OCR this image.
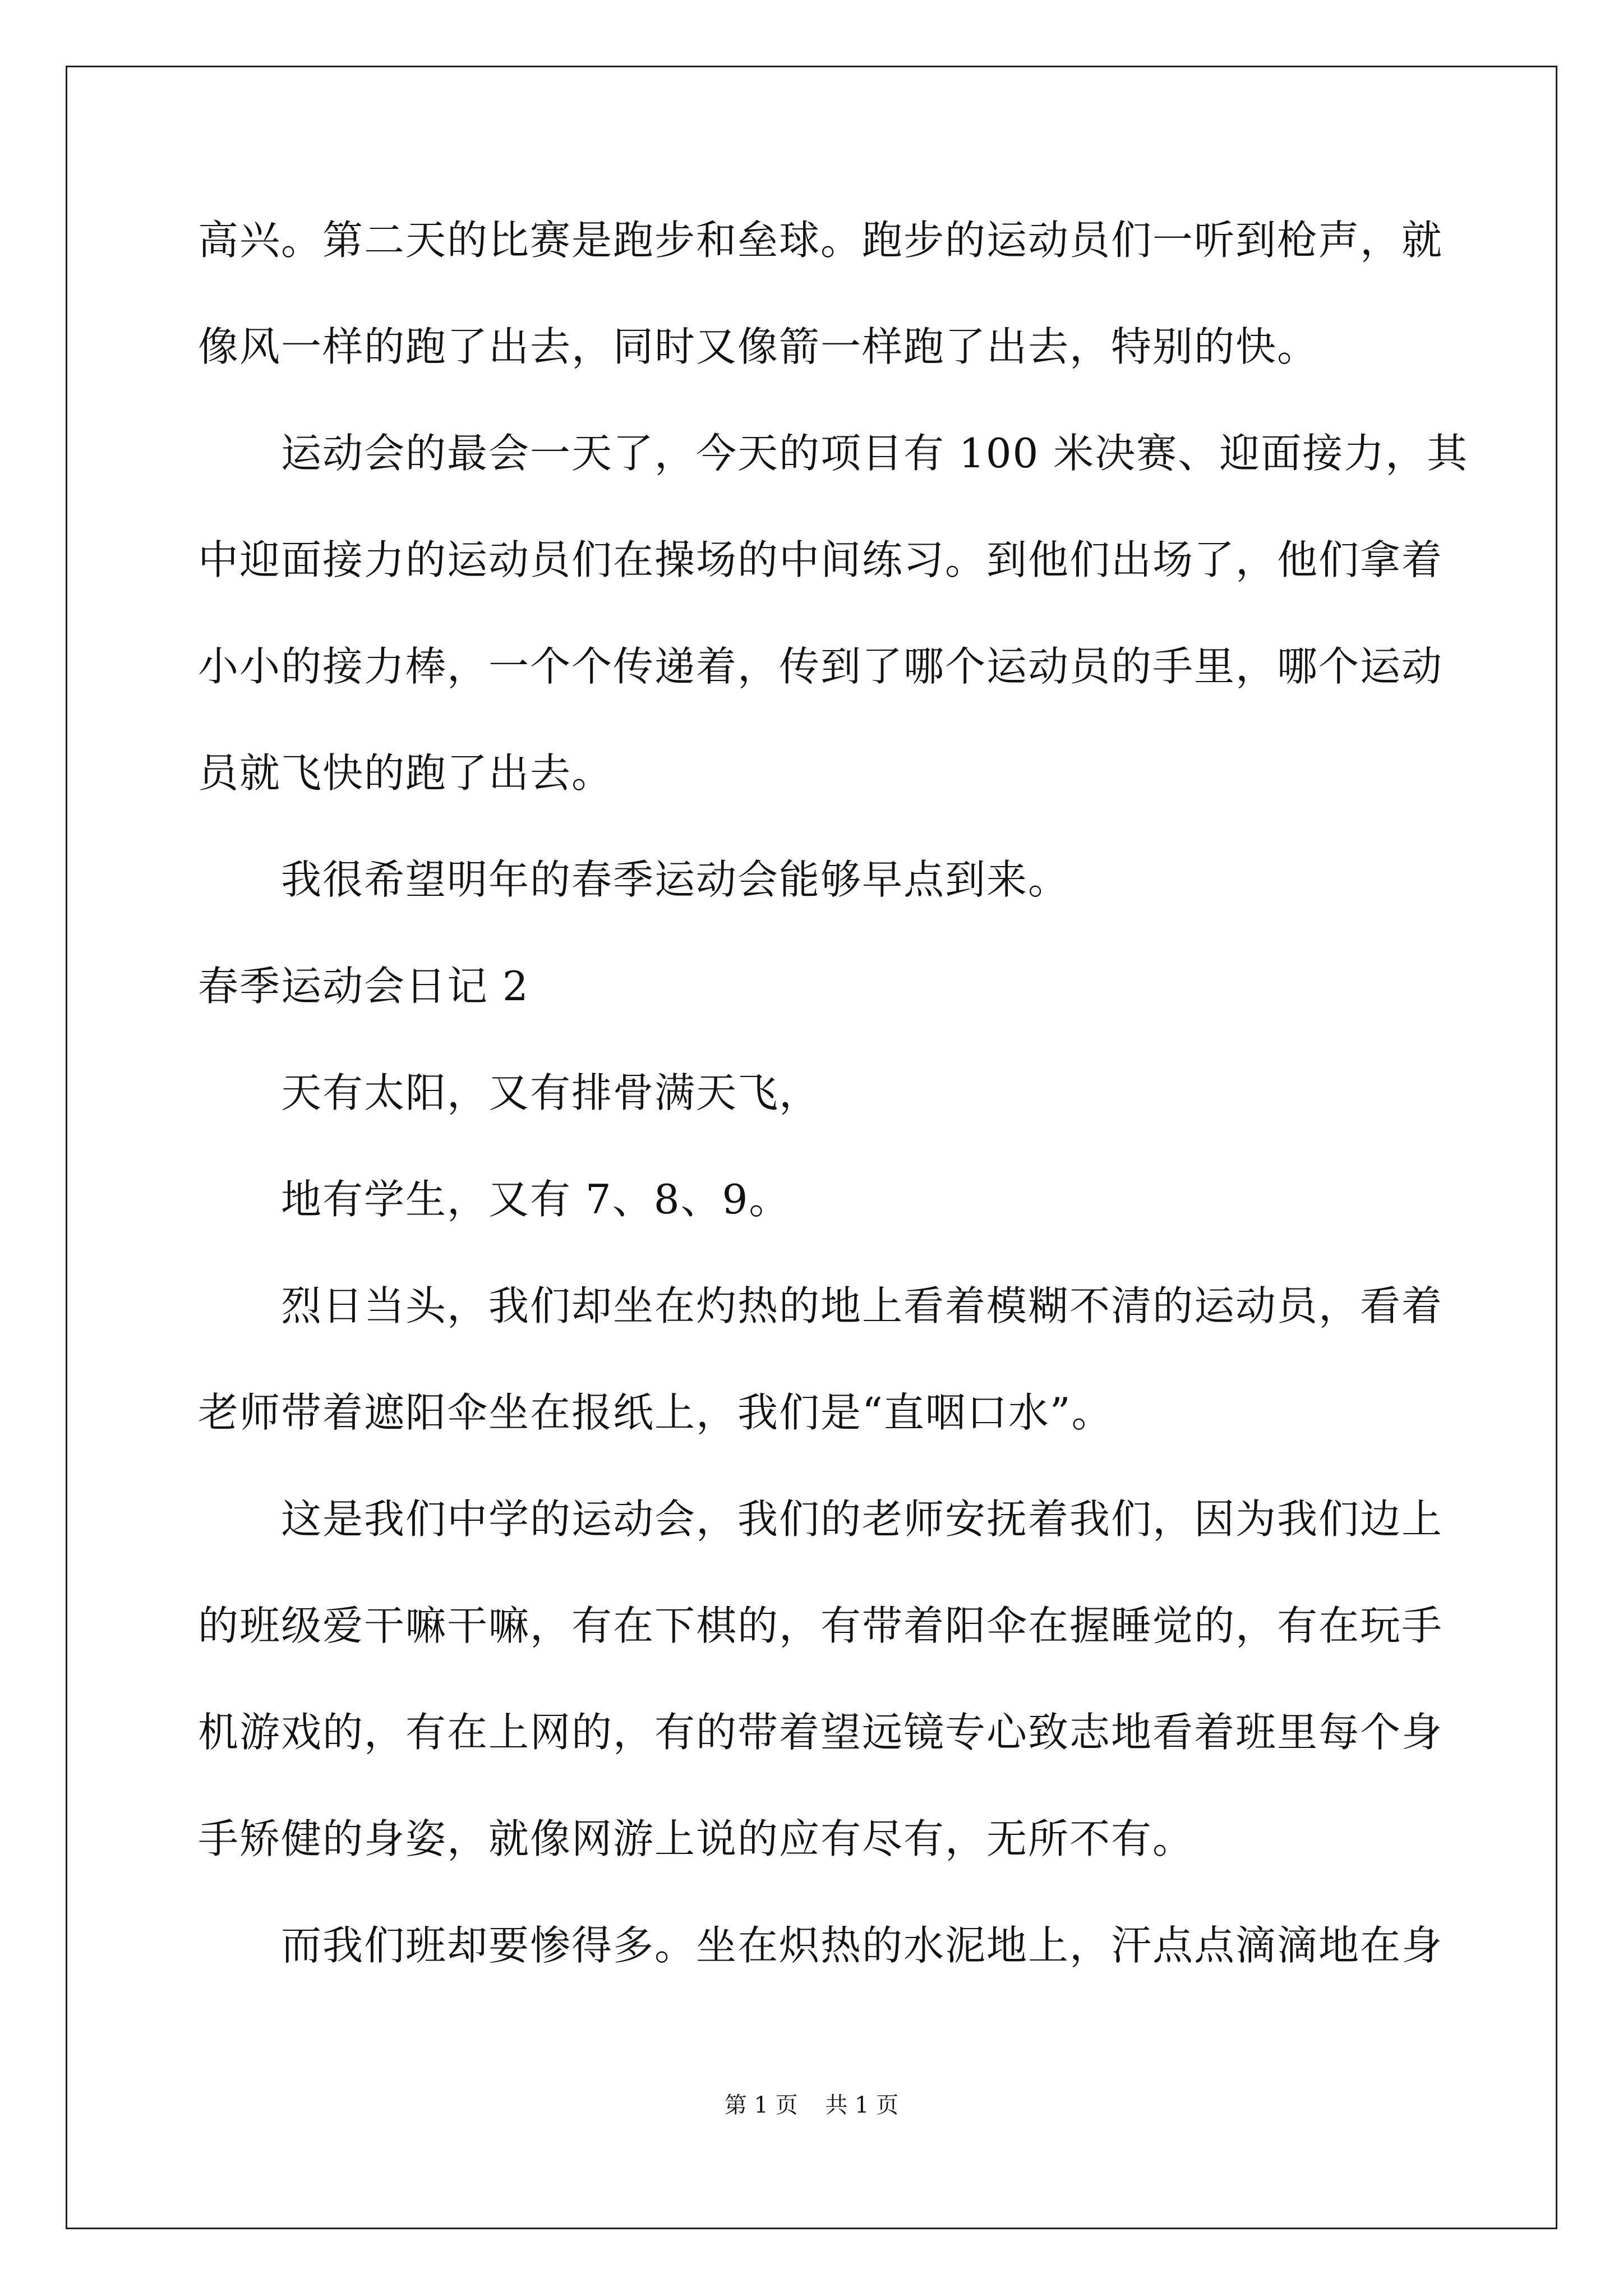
高兴。第二天的比赛是跑步和垒球。跑步的运动员们一听到枪声，就
像风一样的跑了出去，同时又像箭一样跑了出去，特别的快。
运动会的最会一天了，今天的项目有 100 米决赛、迎面接力，其
中迎面接力的运动员们在操场的中间练习。到他们出场了，他们拿着
小小的接力棒，一个个传递着，传到了哪个运动员的手里，哪个运动
员就飞快的跑了出去。
我很希望明年的春季运动会能够早点到来。
春季运动会日记 2
天有太阳，又有排骨满天飞，
地有学生，又有 7、8、9。
烈日当头，我们却坐在灼热的地上看着模糊不清的运动员，看着
老师带着遮阳伞坐在报纸上，我们是“直咽口水”。
这是我们中学的运动会，我们的老师安抚着我们，因为我们边上
的班级爱干嘛干嘛，有在下棋的，有带着阳伞在握睡觉的，有在玩手
机游戏的，有在上网的，有的带着望远镜专心致志地看着班里每个身
手矫健的身姿，就像网游上说的应有尽有，无所不有。
而我们班却要惨得多。坐在炽热的水泥地上，汗点点滴滴地在身
第 1 页 共 1 页
